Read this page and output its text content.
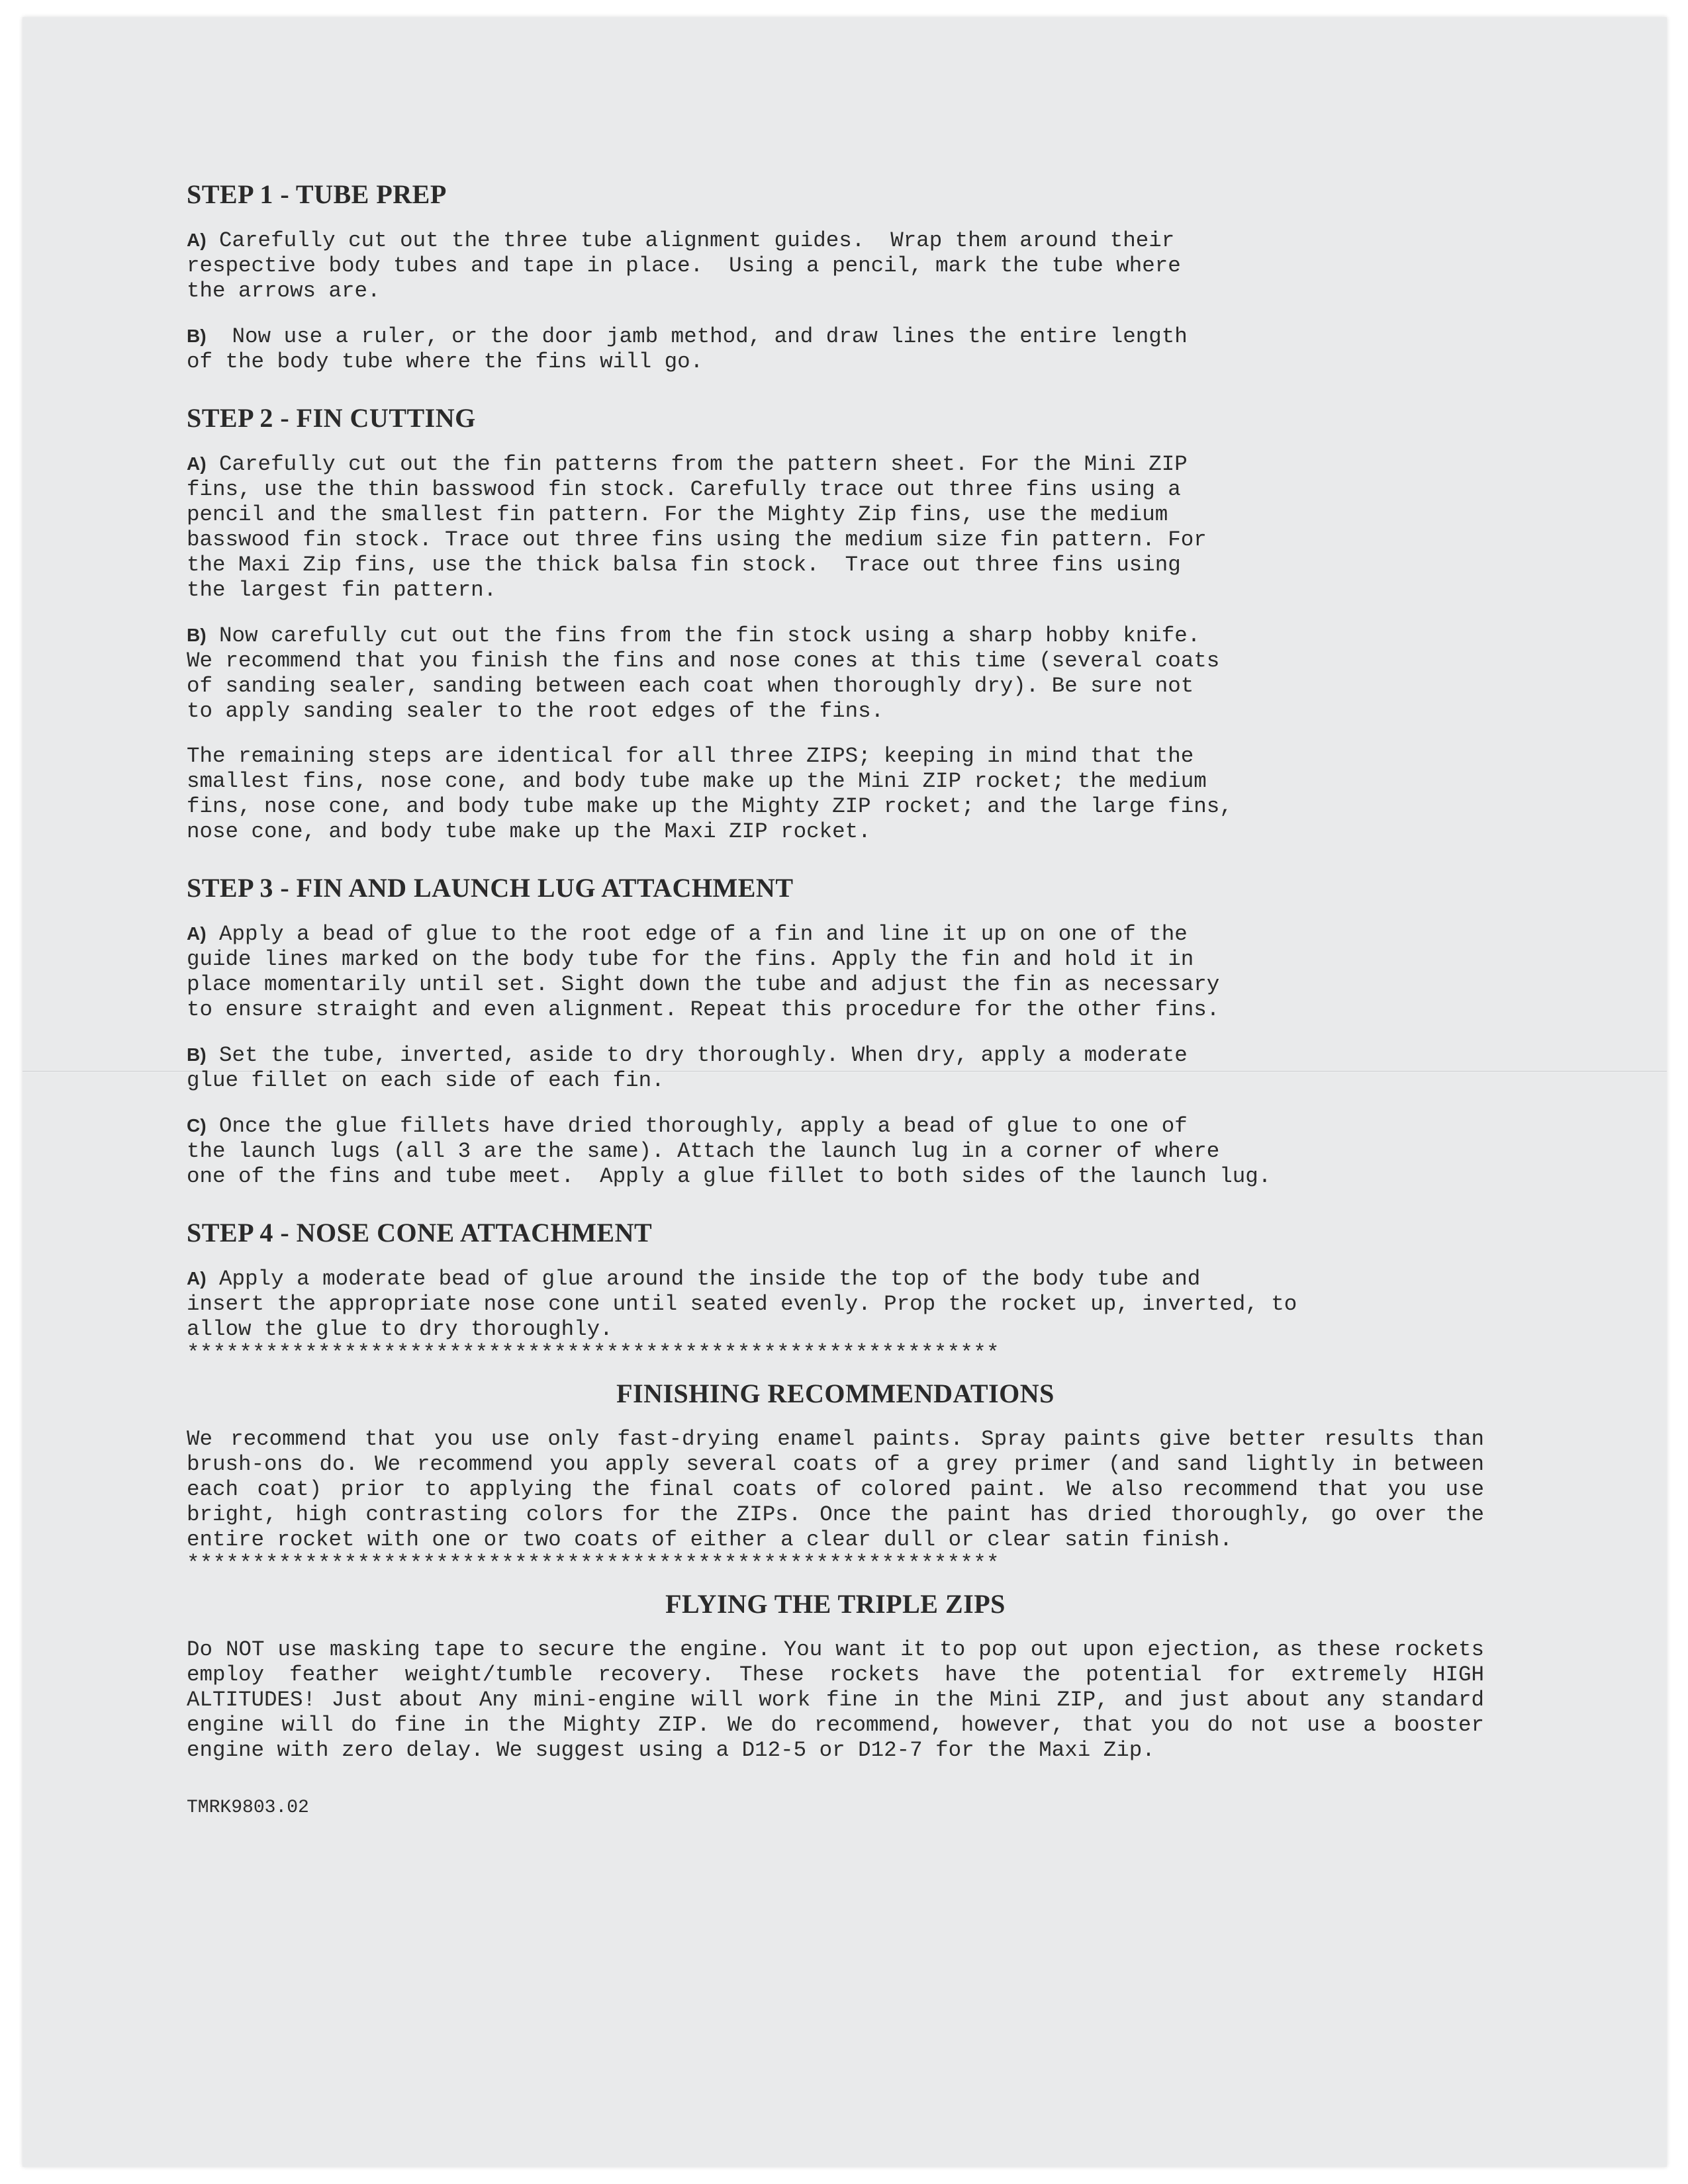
STEP 1 - TUBE PREP
A) Carefully cut out the three tube alignment guides.  Wrap them around their
respective body tubes and tape in place.  Using a pencil, mark the tube where
the arrows are.
B)  Now use a ruler, or the door jamb method, and draw lines the entire length
of the body tube where the fins will go.
STEP 2 - FIN CUTTING
A) Carefully cut out the fin patterns from the pattern sheet. For the Mini ZIP
fins, use the thin basswood fin stock. Carefully trace out three fins using a
pencil and the smallest fin pattern. For the Mighty Zip fins, use the medium
basswood fin stock. Trace out three fins using the medium size fin pattern. For
the Maxi Zip fins, use the thick balsa fin stock.  Trace out three fins using
the largest fin pattern.
B) Now carefully cut out the fins from the fin stock using a sharp hobby knife.
We recommend that you finish the fins and nose cones at this time (several coats
of sanding sealer, sanding between each coat when thoroughly dry). Be sure not
to apply sanding sealer to the root edges of the fins.
The remaining steps are identical for all three ZIPS; keeping in mind that the
smallest fins, nose cone, and body tube make up the Mini ZIP rocket; the medium
fins, nose cone, and body tube make up the Mighty ZIP rocket; and the large fins,
nose cone, and body tube make up the Maxi ZIP rocket.
STEP 3 - FIN AND LAUNCH LUG ATTACHMENT
A) Apply a bead of glue to the root edge of a fin and line it up on one of the
guide lines marked on the body tube for the fins. Apply the fin and hold it in
place momentarily until set. Sight down the tube and adjust the fin as necessary
to ensure straight and even alignment. Repeat this procedure for the other fins.
B) Set the tube, inverted, aside to dry thoroughly. When dry, apply a moderate
glue fillet on each side of each fin.
C) Once the glue fillets have dried thoroughly, apply a bead of glue to one of
the launch lugs (all 3 are the same). Attach the launch lug in a corner of where
one of the fins and tube meet.  Apply a glue fillet to both sides of the launch lug.
STEP 4 - NOSE CONE ATTACHMENT
A) Apply a moderate bead of glue around the inside the top of the body tube and
insert the appropriate nose cone until seated evenly. Prop the rocket up, inverted, to
allow the glue to dry thoroughly.
**************************************************************
FINISHING RECOMMENDATIONS
We recommend that you use only fast-drying enamel paints. Spray paints give better results than brush-ons do. We recommend you apply several coats of a grey primer (and sand lightly in between each coat) prior to applying the final coats of colored paint. We also recommend that you use bright, high contrasting colors for the ZIPs. Once the paint has dried thoroughly, go over the entire rocket with one or two coats of either a clear dull or clear satin finish.
**************************************************************
FLYING THE TRIPLE ZIPS
Do NOT use masking tape to secure the engine. You want it to pop out upon ejection, as these rockets employ feather weight/tumble recovery. These rockets have the potential for extremely HIGH ALTITUDES! Just about Any mini-engine will work fine in the Mini ZIP, and just about any standard engine will do fine in the Mighty ZIP. We do recommend, however, that you do not use a booster engine with zero delay. We suggest using a D12-5 or D12-7 for the Maxi Zip.
TMRK9803.02
